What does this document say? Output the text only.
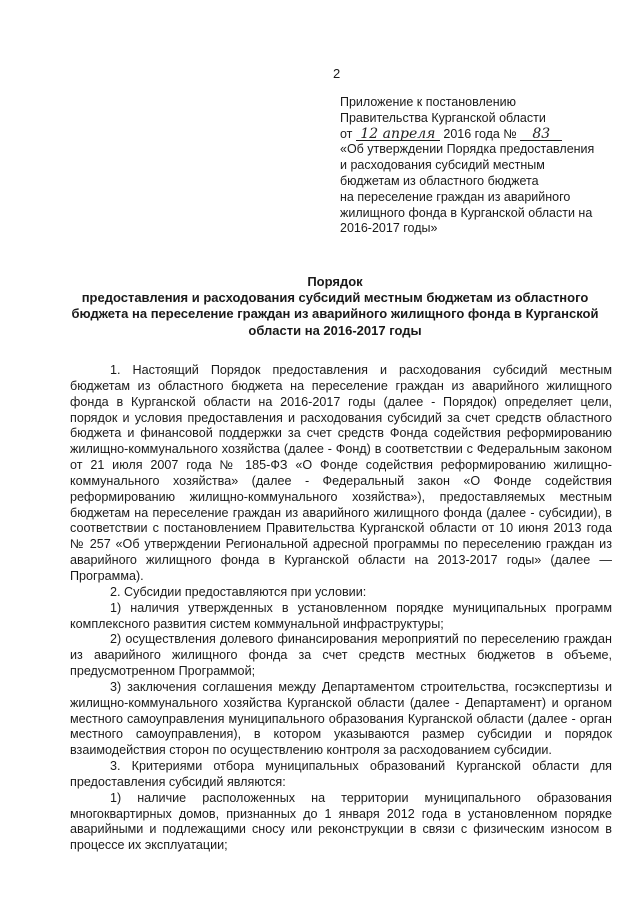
2
Приложение к постановлению
Правительства Курганской области
от 12 апреля 2016 года № 83
«Об утверждении Порядка предоставления
и расходования субсидий местным
бюджетам из областного бюджета
на переселение граждан из аварийного
жилищного фонда в Курганской области на
2016-2017 годы»
Порядок
предоставления и расходования субсидий местным бюджетам из областного
бюджета на переселение граждан из аварийного жилищного фонда в Курганской
области на 2016-2017 годы

1. Настоящий Порядок предоставления и расходования субсидий местным бюджетам из областного бюджета на переселение граждан из аварийного жилищного фонда в Курганской области на 2016-2017 годы (далее - Порядок) определяет цели, порядок и условия предоставления и расходования субсидий за счет средств областного бюджета и финансовой поддержки за счет средств Фонда содействия реформированию жилищно-коммунального хозяйства (далее - Фонд) в соответствии с Федеральным законом от 21 июля 2007 года № 185-ФЗ «О Фонде содействия реформированию жилищно-коммунального хозяйства» (далее - Федеральный закон «О Фонде содействия реформированию жилищно-коммунального хозяйства»), предоставляемых местным бюджетам на переселение граждан из аварийного жилищного фонда (далее - субсидии), в соответствии с постановлением Правительства Курганской области от 10 июня 2013 года № 257 «Об утверждении Региональной адресной программы по переселению граждан из аварийного жилищного фонда в Курганской области на 2013-2017 годы» (далее — Программа).

2. Субсидии предоставляются при условии:

1) наличия утвержденных в установленном порядке муниципальных программ комплексного развития систем коммунальной инфраструктуры;

2) осуществления долевого финансирования мероприятий по переселению граждан из аварийного жилищного фонда за счет средств местных бюджетов в объеме, предусмотренном Программой;

3) заключения соглашения между Департаментом строительства, госэкспертизы и жилищно-коммунального хозяйства Курганской области (далее - Департамент) и органом местного самоуправления муниципального образования Курганской области (далее - орган местного самоуправления), в котором указываются размер субсидии и порядок взаимодействия сторон по осуществлению контроля за расходованием субсидии.

3. Критериями отбора муниципальных образований Курганской области для предоставления субсидий являются:

1) наличие расположенных на территории муниципального образования многоквартирных домов, признанных до 1 января 2012 года в установленном порядке аварийными и подлежащими сносу или реконструкции в связи с физическим износом в процессе их эксплуатации;
